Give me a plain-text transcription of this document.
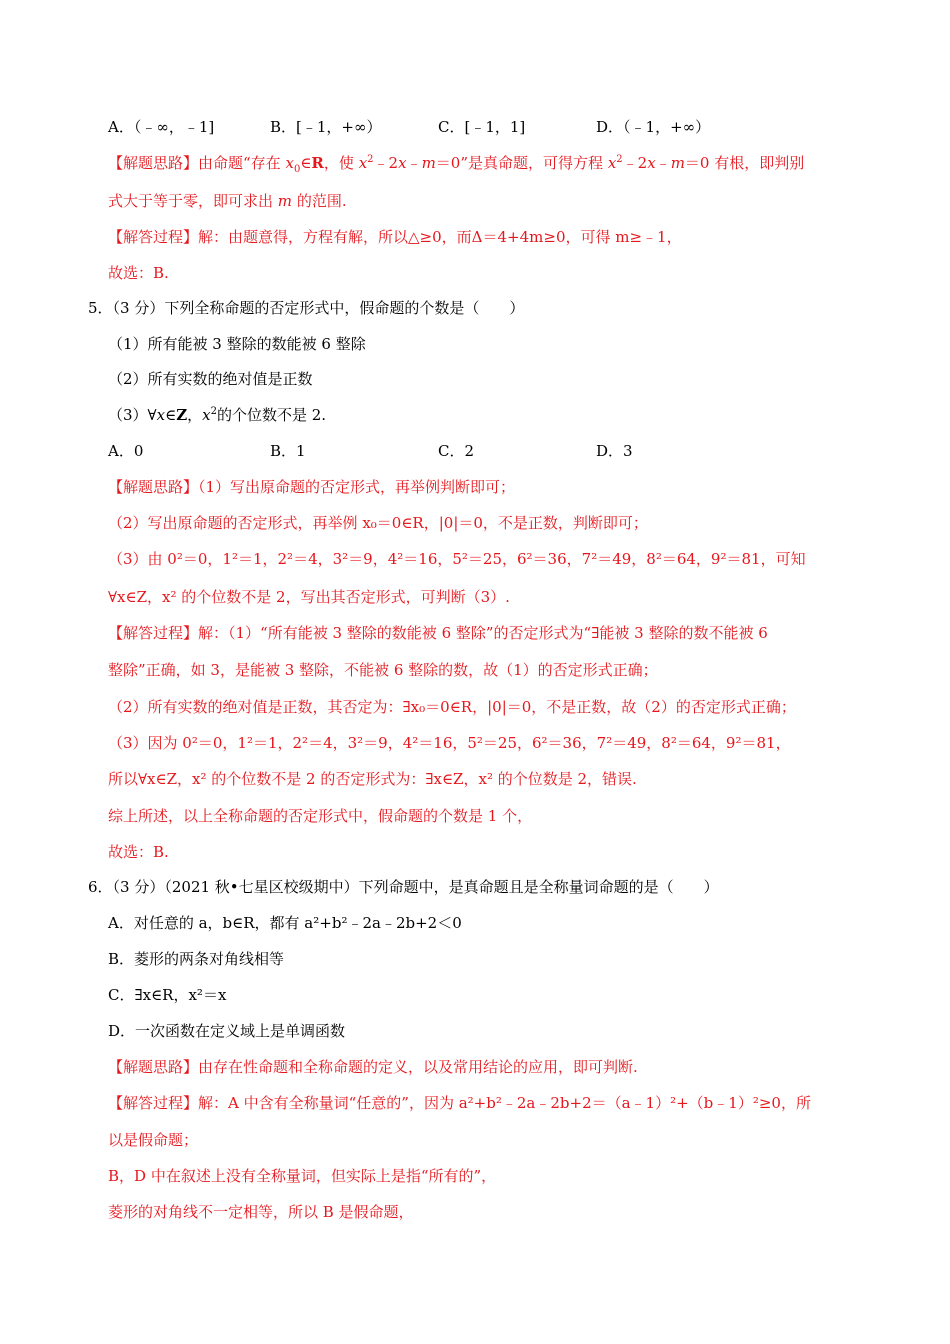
A．（﹣∞，﹣1]	B．[﹣1，+∞）	C．[﹣1，1]	D．（﹣1，+∞）
【解题思路】由命题“存在 $x_0\in R$，使 $x^2﹣2x﹣m=0$”是真命题，可得方程 $x^2﹣2x﹣m=0$ 有根，即判别
式大于等于零，即可求出 m 的范围.
【解答过程】解：由题意得，方程有解，所以△≥0，而Δ＝4+4m≥0，可得 m≥﹣1，
故选：B.
5．（3 分）下列全称命题的否定形式中，假命题的个数是（　　）
（1）所有能被 3 整除的数能被 6 整除
（2）所有实数的绝对值是正数
（3）∀x∈Z，$x^2$的个位数不是 2.
A．0	B．1	C．2	D．3
【解题思路】（1）写出原命题的否定形式，再举例判断即可；
（2）写出原命题的否定形式，再举例 x₀＝0∈R，|0|＝0，不是正数，判断即可；
（3）由 0²＝0，1²＝1，2²＝4，3²＝9，4²＝16，5²＝25，6²＝36，7²＝49，8²＝64，9²＝81，可知
∀x∈Z，x² 的个位数不是 2，写出其否定形式，可判断（3）.
【解答过程】解：（1）“所有能被 3 整除的数能被 6 整除”的否定形式为“∃能被 3 整除的数不能被 6
整除”正确，如 3，是能被 3 整除，不能被 6 整除的数，故（1）的否定形式正确；
（2）所有实数的绝对值是正数，其否定为：∃x₀＝0∈R，|0|＝0，不是正数，故（2）的否定形式正确；
（3）因为 0²＝0，1²＝1，2²＝4，3²＝9，4²＝16，5²＝25，6²＝36，7²＝49，8²＝64，9²＝81，
所以∀x∈Z，x² 的个位数不是 2 的否定形式为：∃x∈Z，x² 的个位数是 2，错误.
综上所述，以上全称命题的否定形式中，假命题的个数是 1 个，
故选：B.
6．（3 分）（2021 秋•七星区校级期中）下列命题中，是真命题且是全称量词命题的是（　　）
A．对任意的 a，b∈R，都有 a²+b²﹣2a﹣2b+2＜0
B．菱形的两条对角线相等
C．∃x∈R，x²＝x
D．一次函数在定义域上是单调函数
【解题思路】由存在性命题和全称命题的定义，以及常用结论的应用，即可判断.
【解答过程】解：A 中含有全称量词“任意的”，因为 a²+b²﹣2a﹣2b+2＝（a﹣1）²+（b﹣1）²≥0，所
以是假命题；
B，D 中在叙述上没有全称量词，但实际上是指“所有的”，
菱形的对角线不一定相等，所以 B 是假命题，
